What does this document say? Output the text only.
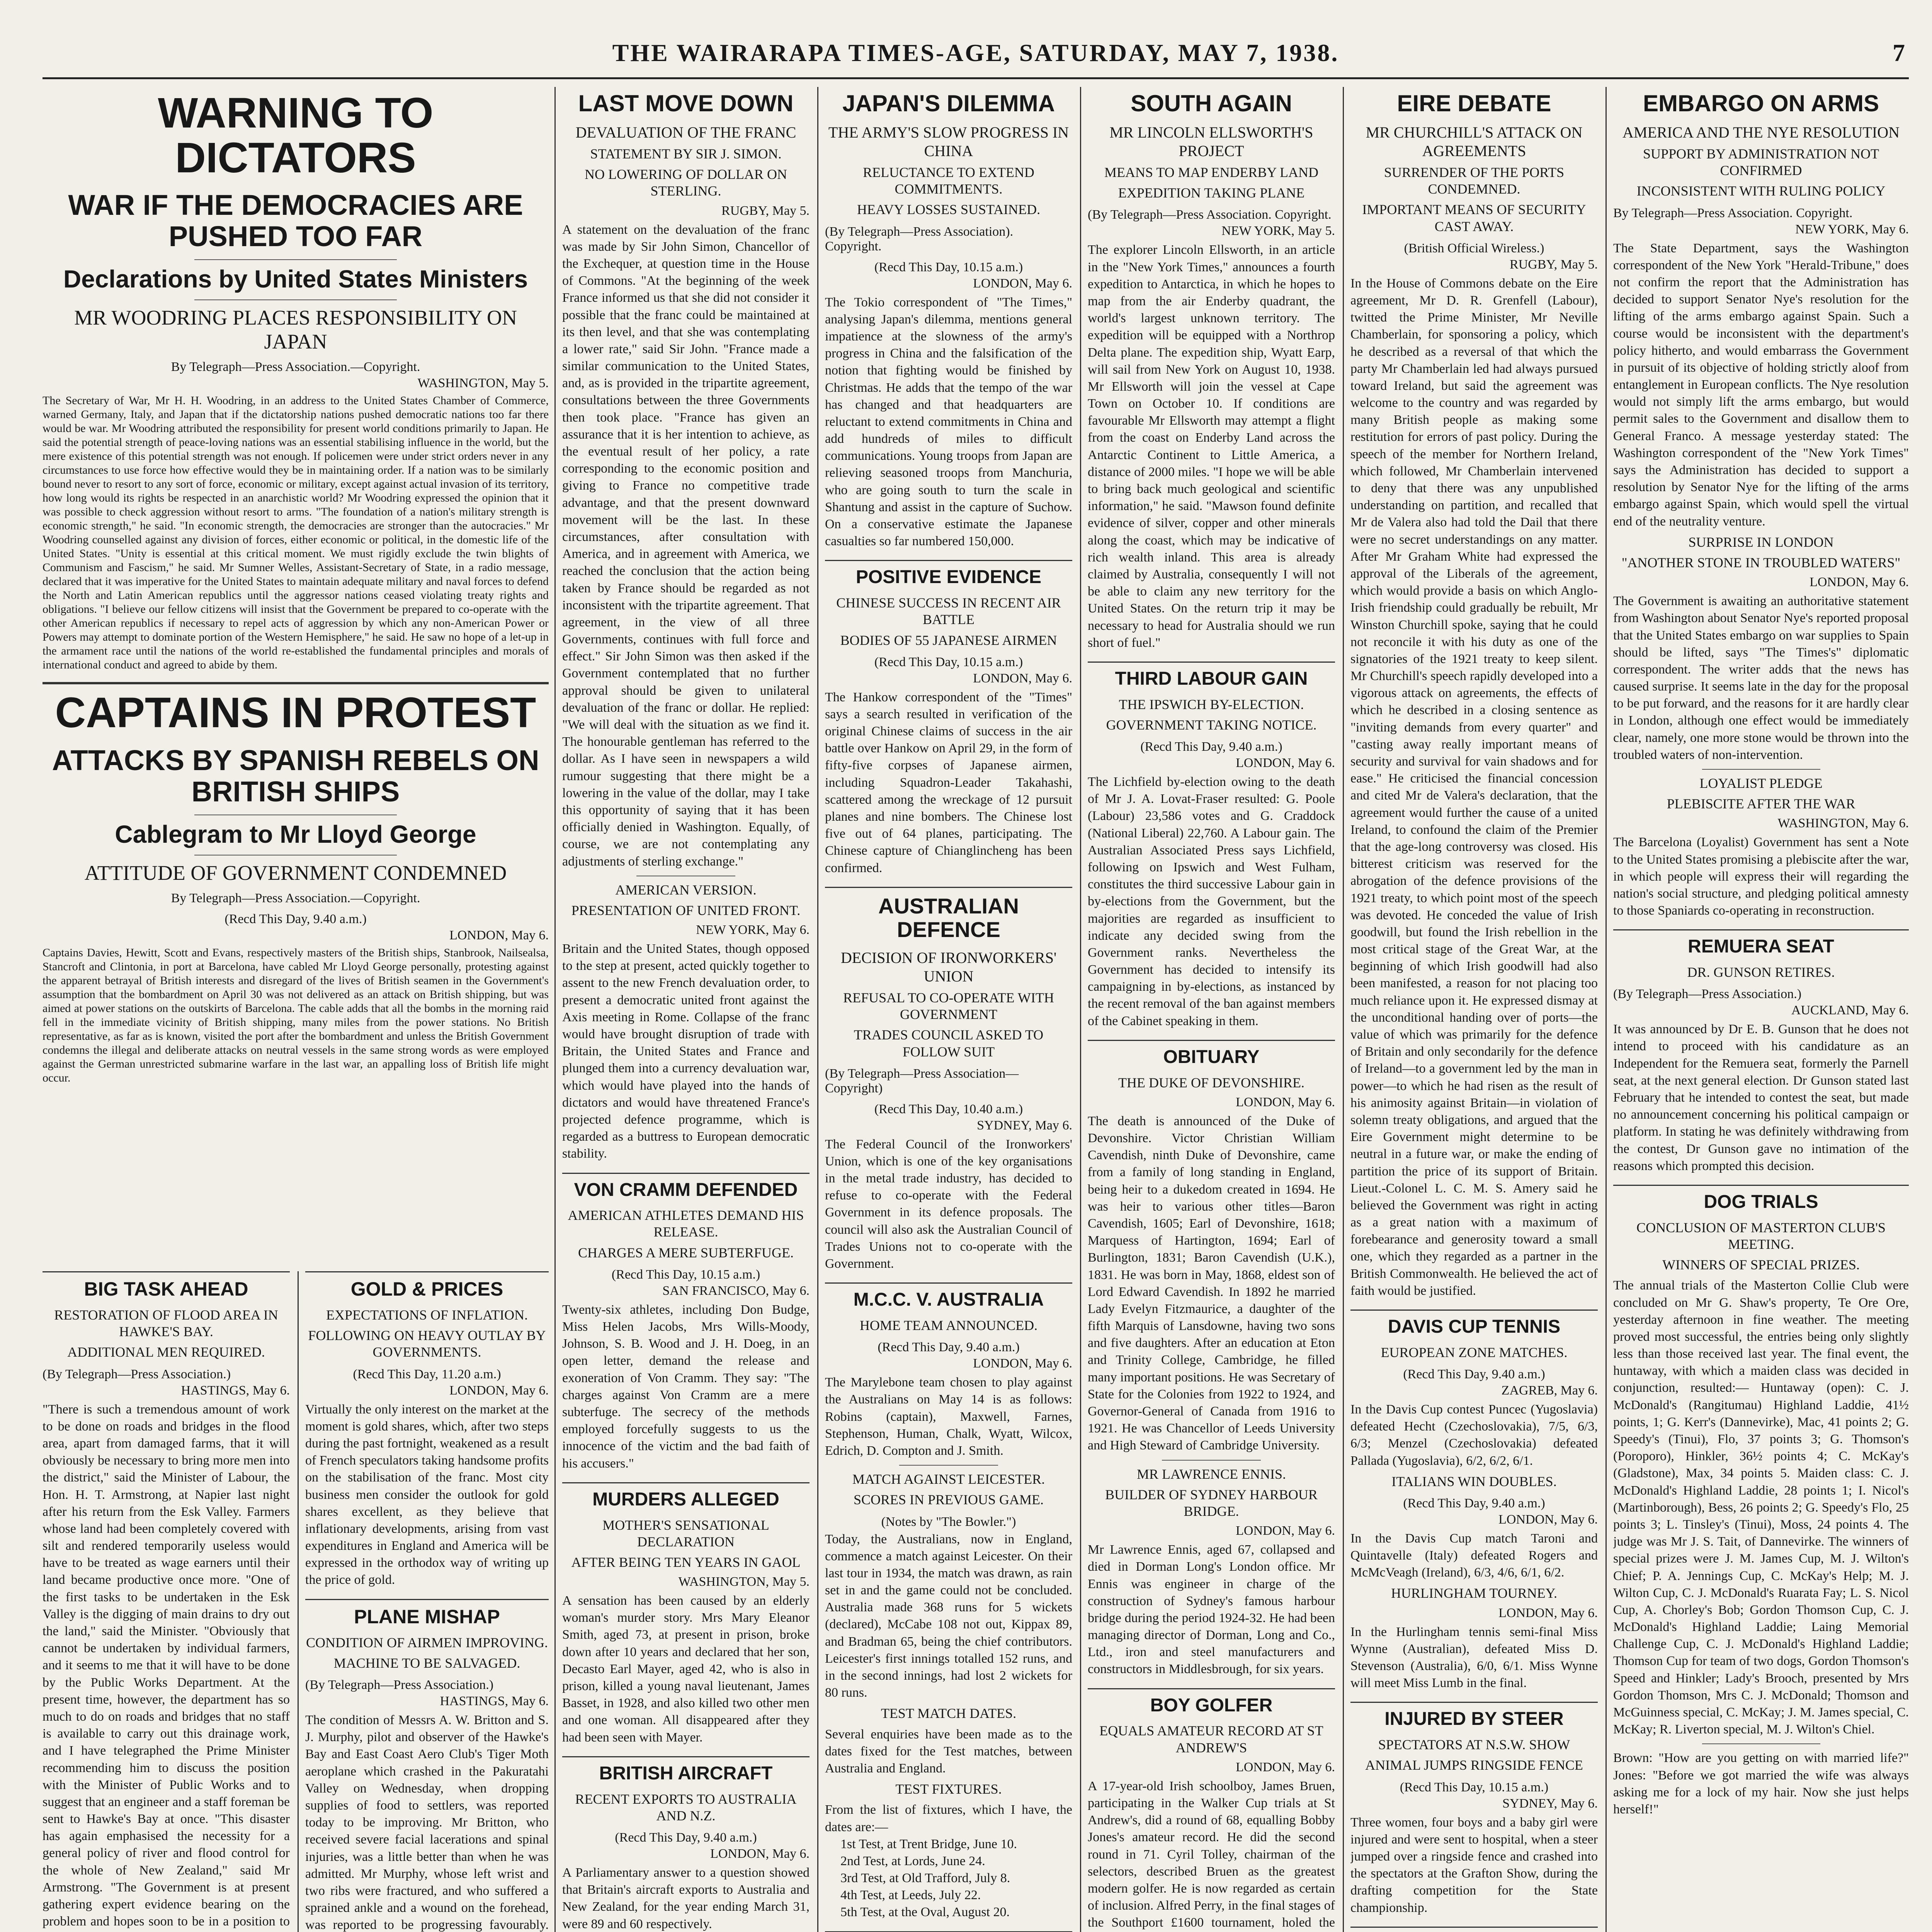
THE WAIRARAPA TIMES-AGE, SATURDAY, MAY 7, 1938.	7
WARNING TO DICTATORS
WAR IF THE DEMOCRACIES ARE PUSHED TOO FAR
Declarations by United States Ministers
MR WOODRING PLACES RESPONSIBILITY ON JAPAN
By Telegraph—Press Association.—Copyright.
WASHINGTON, May 5.

The Secretary of War, Mr H. H. Woodring, in an address to the United States Chamber of Commerce, warned Germany, Italy, and Japan that if the dictatorship nations pushed democratic nations too far there would be war. Mr Woodring attributed the responsibility for present world conditions primarily to Japan. He said the potential strength of peace-loving nations was an essential stabilising influence in the world, but the mere existence of this potential strength was not enough. If policemen were under strict orders never in any circumstances to use force how effective would they be in maintaining order. If a nation was to be similarly bound never to resort to any sort of force, economic or military, except against actual invasion of its territory, how long would its rights be respected in an anarchistic world? Mr Woodring expressed the opinion that it was possible to check aggression without resort to arms. "The foundation of a nation's military strength is economic strength," he said. "In economic strength, the democracies are stronger than the autocracies." Mr Woodring counselled against any division of forces, either economic or political, in the domestic life of the United States. "Unity is essential at this critical moment. We must rigidly exclude the twin blights of Communism and Fascism," he said. Mr Sumner Welles, Assistant-Secretary of State, in a radio message, declared that it was imperative for the United States to maintain adequate military and naval forces to defend the North and Latin American republics until the aggressor nations ceased violating treaty rights and obligations. "I believe our fellow citizens will insist that the Government be prepared to co-operate with the other American republics if necessary to repel acts of aggression by which any non-American Power or Powers may attempt to dominate portion of the Western Hemisphere," he said. He saw no hope of a let-up in the armament race until the nations of the world re-established the fundamental principles and morals of international conduct and agreed to abide by them.

CAPTAINS IN PROTEST
ATTACKS BY SPANISH REBELS ON BRITISH SHIPS
Cablegram to Mr Lloyd George
ATTITUDE OF GOVERNMENT CONDEMNED
By Telegraph—Press Association.—Copyright.
(Recd This Day, 9.40 a.m.)
LONDON, May 6.

Captains Davies, Hewitt, Scott and Evans, respectively masters of the British ships, Stanbrook, Nailsealsa, Stancroft and Clintonia, in port at Barcelona, have cabled Mr Lloyd George personally, protesting against the apparent betrayal of British interests and disregard of the lives of British seamen in the Government's assumption that the bombardment on April 30 was not delivered as an attack on British shipping, but was aimed at power stations on the outskirts of Barcelona. The cable adds that all the bombs in the morning raid fell in the immediate vicinity of British shipping, many miles from the power stations. No British representative, as far as is known, visited the port after the bombardment and unless the British Government condemns the illegal and deliberate attacks on neutral vessels in the same strong words as were employed against the German unrestricted submarine warfare in the last war, an appalling loss of British life might occur.

BIG TASK AHEAD
RESTORATION OF FLOOD AREA IN HAWKE'S BAY.
ADDITIONAL MEN REQUIRED.
(By Telegraph—Press Association.)
HASTINGS, May 6.

"There is such a tremendous amount of work to be done on roads and bridges in the flood area, apart from damaged farms, that it will obviously be necessary to bring more men into the district," said the Minister of Labour, the Hon. H. T. Armstrong, at Napier last night after his return from the Esk Valley. Farmers whose land had been completely covered with silt and rendered temporarily useless would have to be treated as wage earners until their land became productive once more. "One of the first tasks to be undertaken in the Esk Valley is the digging of main drains to dry out the land," said the Minister. "Obviously that cannot be undertaken by individual farmers, and it seems to me that it will have to be done by the Public Works Department. At the present time, however, the department has so much to do on roads and bridges that no staff is available to carry out this drainage work, and I have telegraphed the Prime Minister recommending him to discuss the position with the Minister of Public Works and to suggest that an engineer and a staff foreman be sent to Hawke's Bay at once. "This disaster has again emphasised the necessity for a general policy of river and flood control for the whole of New Zealand," said Mr Armstrong. "The Government is at present gathering expert evidence bearing on the problem and hopes soon to be in a position to

GOLD & PRICES
EXPECTATIONS OF INFLATION.
FOLLOWING ON HEAVY OUTLAY BY GOVERNMENTS.
(Recd This Day, 11.20 a.m.)
LONDON, May 6.

Virtually the only interest on the market at the moment is gold shares, which, after two steps during the past fortnight, weakened as a result of French speculators taking handsome profits on the stabilisation of the franc. Most city business men consider the outlook for gold shares excellent, as they believe that inflationary developments, arising from vast expenditures in England and America will be expressed in the orthodox way of writing up the price of gold.

PLANE MISHAP
CONDITION OF AIRMEN IMPROVING.
MACHINE TO BE SALVAGED.
(By Telegraph—Press Association.)
HASTINGS, May 6.

The condition of Messrs A. W. Britton and S. J. Murphy, pilot and observer of the Hawke's Bay and East Coast Aero Club's Tiger Moth aeroplane which crashed in the Pakuratahi Valley on Wednesday, when dropping supplies of food to settlers, was reported today to be improving. Mr Britton, who received severe facial lacerations and spinal injuries, was a little better than when he was admitted. Mr Murphy, whose left wrist and two ribs were fractured, and who suffered a sprained ankle and a wound on the forehead, was reported to be progressing favourably.

LAST MOVE DOWN
DEVALUATION OF THE FRANC
STATEMENT BY SIR J. SIMON.
NO LOWERING OF DOLLAR ON STERLING.
RUGBY, May 5.

A statement on the devaluation of the franc was made by Sir John Simon, Chancellor of the Exchequer, at question time in the House of Commons. "At the beginning of the week France informed us that she did not consider it possible that the franc could be maintained at its then level, and that she was contemplating a lower rate," said Sir John. "France made a similar communication to the United States, and, as is provided in the tripartite agreement, consultations between the three Governments then took place. "France has given an assurance that it is her intention to achieve, as the eventual result of her policy, a rate corresponding to the economic position and giving to France no competitive trade advantage, and that the present downward movement will be the last. In these circumstances, after consultation with America, and in agreement with America, we reached the conclusion that the action being taken by France should be regarded as not inconsistent with the tripartite agreement. That agreement, in the view of all three Governments, continues with full force and effect." Sir John Simon was then asked if the Government contemplated that no further approval should be given to unilateral devaluation of the franc or dollar. He replied: "We will deal with the situation as we find it. The honourable gentleman has referred to the dollar. As I have seen in newspapers a wild rumour suggesting that there might be a lowering in the value of the dollar, may I take this opportunity of saying that it has been officially denied in Washington. Equally, of course, we are not contemplating any adjustments of sterling exchange."

AMERICAN VERSION.
PRESENTATION OF UNITED FRONT.
NEW YORK, May 6.

Britain and the United States, though opposed to the step at present, acted quickly together to assent to the new French devaluation order, to present a democratic united front against the Axis meeting in Rome. Collapse of the franc would have brought disruption of trade with Britain, the United States and France and plunged them into a currency devaluation war, which would have played into the hands of dictators and would have threatened France's projected defence programme, which is regarded as a buttress to European democratic stability.

VON CRAMM DEFENDED
AMERICAN ATHLETES DEMAND HIS RELEASE.
CHARGES A MERE SUBTERFUGE.
(Recd This Day, 10.15 a.m.)
SAN FRANCISCO, May 6.

Twenty-six athletes, including Don Budge, Miss Helen Jacobs, Mrs Wills-Moody, Johnson, S. B. Wood and J. H. Doeg, in an open letter, demand the release and exoneration of Von Cramm. They say: "The charges against Von Cramm are a mere subterfuge. The secrecy of the methods employed forcefully suggests to us the innocence of the victim and the bad faith of his accusers."

MURDERS ALLEGED
MOTHER'S SENSATIONAL DECLARATION
AFTER BEING TEN YEARS IN GAOL
WASHINGTON, May 5.

A sensation has been caused by an elderly woman's murder story. Mrs Mary Eleanor Smith, aged 73, at present in prison, broke down after 10 years and declared that her son, Decasto Earl Mayer, aged 42, who is also in prison, killed a young naval lieutenant, James Basset, in 1928, and also killed two other men and one woman. All disappeared after they had been seen with Mayer.

BRITISH AIRCRAFT
RECENT EXPORTS TO AUSTRALIA AND N.Z.
(Recd This Day, 9.40 a.m.)
LONDON, May 6.

A Parliamentary answer to a question showed that Britain's aircraft exports to Australia and New Zealand, for the year ending March 31, were 89 and 60 respectively.

JAPAN'S DILEMMA
THE ARMY'S SLOW PROGRESS IN CHINA
RELUCTANCE TO EXTEND COMMITMENTS.
HEAVY LOSSES SUSTAINED.
(By Telegraph—Press Association). Copyright.
(Recd This Day, 10.15 a.m.)
LONDON, May 6.

The Tokio correspondent of "The Times," analysing Japan's dilemma, mentions general impatience at the slowness of the army's progress in China and the falsification of the notion that fighting would be finished by Christmas. He adds that the tempo of the war has changed and that headquarters are reluctant to extend commitments in China and add hundreds of miles to difficult communications. Young troops from Japan are relieving seasoned troops from Manchuria, who are going south to turn the scale in Shantung and assist in the capture of Suchow. On a conservative estimate the Japanese casualties so far numbered 150,000.

POSITIVE EVIDENCE
CHINESE SUCCESS IN RECENT AIR BATTLE
BODIES OF 55 JAPANESE AIRMEN
(Recd This Day, 10.15 a.m.)
LONDON, May 6.

The Hankow correspondent of the "Times" says a search resulted in verification of the original Chinese claims of success in the air battle over Hankow on April 29, in the form of fifty-five corpses of Japanese airmen, including Squadron-Leader Takahashi, scattered among the wreckage of 12 pursuit planes and nine bombers. The Chinese lost five out of 64 planes, participating. The Chinese capture of Chianglincheng has been confirmed.

AUSTRALIAN DEFENCE
DECISION OF IRONWORKERS' UNION
REFUSAL TO CO-OPERATE WITH GOVERNMENT
TRADES COUNCIL ASKED TO FOLLOW SUIT
(By Telegraph—Press Association—Copyright)
(Recd This Day, 10.40 a.m.)
SYDNEY, May 6.

The Federal Council of the Ironworkers' Union, which is one of the key organisations in the metal trade industry, has decided to refuse to co-operate with the Federal Government in its defence proposals. The council will also ask the Australian Council of Trades Unions not to co-operate with the Government.

M.C.C. V. AUSTRALIA
HOME TEAM ANNOUNCED.
(Recd This Day, 9.40 a.m.)
LONDON, May 6.

The Marylebone team chosen to play against the Australians on May 14 is as follows: Robins (captain), Maxwell, Farnes, Stephenson, Human, Chalk, Wyatt, Wilcox, Edrich, D. Compton and J. Smith.

MATCH AGAINST LEICESTER.
SCORES IN PREVIOUS GAME.
(Notes by "The Bowler.")

Today, the Australians, now in England, commence a match against Leicester. On their last tour in 1934, the match was drawn, as rain set in and the game could not be concluded. Australia made 368 runs for 5 wickets (declared), McCabe 108 not out, Kippax 89, and Bradman 65, being the chief contributors. Leicester's first innings totalled 152 runs, and in the second innings, had lost 2 wickets for 80 runs.

TEST MATCH DATES.

Several enquiries have been made as to the dates fixed for the Test matches, between Australia and England.

TEST FIXTURES.

From the list of fixtures, which I have, the dates are:—

1st Test, at Trent Bridge, June 10.
2nd Test, at Lords, June 24.
3rd Test, at Old Trafford, July 8.
4th Test, at Leeds, July 22.
5th Test, at the Oval, August 20.

SOUTH AGAIN
MR LINCOLN ELLSWORTH'S PROJECT
MEANS TO MAP ENDERBY LAND
EXPEDITION TAKING PLANE
(By Telegraph—Press Association. Copyright.
NEW YORK, May 5.

The explorer Lincoln Ellsworth, in an article in the "New York Times," announces a fourth expedition to Antarctica, in which he hopes to map from the air Enderby quadrant, the world's largest unknown territory. The expedition will be equipped with a Northrop Delta plane. The expedition ship, Wyatt Earp, will sail from New York on August 10, 1938. Mr Ellsworth will join the vessel at Cape Town on October 10. If conditions are favourable Mr Ellsworth may attempt a flight from the coast on Enderby Land across the Antarctic Continent to Little America, a distance of 2000 miles. "I hope we will be able to bring back much geological and scientific information," he said. "Mawson found definite evidence of silver, copper and other minerals along the coast, which may be indicative of rich wealth inland. This area is already claimed by Australia, consequently I will not be able to claim any new territory for the United States. On the return trip it may be necessary to head for Australia should we run short of fuel."

THIRD LABOUR GAIN
THE IPSWICH BY-ELECTION.
GOVERNMENT TAKING NOTICE.
(Recd This Day, 9.40 a.m.)
LONDON, May 6.

The Lichfield by-election owing to the death of Mr J. A. Lovat-Fraser resulted: G. Poole (Labour) 23,586 votes and G. Craddock (National Liberal) 22,760. A Labour gain. The Australian Associated Press says Lichfield, following on Ipswich and West Fulham, constitutes the third successive Labour gain in by-elections from the Government, but the majorities are regarded as insufficient to indicate any decided swing from the Government ranks. Nevertheless the Government has decided to intensify its campaigning in by-elections, as instanced by the recent removal of the ban against members of the Cabinet speaking in them.

OBITUARY
THE DUKE OF DEVONSHIRE.
LONDON, May 6.

The death is announced of the Duke of Devonshire. Victor Christian William Cavendish, ninth Duke of Devonshire, came from a family of long standing in England, being heir to a dukedom created in 1694. He was heir to various other titles—Baron Cavendish, 1605; Earl of Devonshire, 1618; Marquess of Hartington, 1694; Earl of Burlington, 1831; Baron Cavendish (U.K.), 1831. He was born in May, 1868, eldest son of Lord Edward Cavendish. In 1892 he married Lady Evelyn Fitzmaurice, a daughter of the fifth Marquis of Lansdowne, having two sons and five daughters. After an education at Eton and Trinity College, Cambridge, he filled many important positions. He was Secretary of State for the Colonies from 1922 to 1924, and Governor-General of Canada from 1916 to 1921. He was Chancellor of Leeds University and High Steward of Cambridge University.

MR LAWRENCE ENNIS.
BUILDER OF SYDNEY HARBOUR BRIDGE.
LONDON, May 6.

Mr Lawrence Ennis, aged 67, collapsed and died in Dorman Long's London office. Mr Ennis was engineer in charge of the construction of Sydney's famous harbour bridge during the period 1924-32. He had been managing director of Dorman, Long and Co., Ltd., iron and steel manufacturers and constructors in Middlesbrough, for six years.

BOY GOLFER
EQUALS AMATEUR RECORD AT ST ANDREW'S
LONDON, May 6.

A 17-year-old Irish schoolboy, James Bruen, participating in the Walker Cup trials at St Andrew's, did a round of 68, equalling Bobby Jones's amateur record. He did the second round in 71. Cyril Tolley, chairman of the selectors, described Bruen as the greatest modern golfer. He is now regarded as certain of inclusion. Alfred Perry, in the final stages of the Southport £1600 tournament, holed the

EIRE DEBATE
MR CHURCHILL'S ATTACK ON AGREEMENTS
SURRENDER OF THE PORTS CONDEMNED.
IMPORTANT MEANS OF SECURITY CAST AWAY.
(British Official Wireless.)
RUGBY, May 5.

In the House of Commons debate on the Eire agreement, Mr D. R. Grenfell (Labour), twitted the Prime Minister, Mr Neville Chamberlain, for sponsoring a policy, which he described as a reversal of that which the party Mr Chamberlain led had always pursued toward Ireland, but said the agreement was welcome to the country and was regarded by many British people as making some restitution for errors of past policy. During the speech of the member for Northern Ireland, which followed, Mr Chamberlain intervened to deny that there was any unpublished understanding on partition, and recalled that Mr de Valera also had told the Dail that there were no secret understandings on any matter. After Mr Graham White had expressed the approval of the Liberals of the agreement, which would provide a basis on which Anglo-Irish friendship could gradually be rebuilt, Mr Winston Churchill spoke, saying that he could not reconcile it with his duty as one of the signatories of the 1921 treaty to keep silent. Mr Churchill's speech rapidly developed into a vigorous attack on agreements, the effects of which he described in a closing sentence as "inviting demands from every quarter" and "casting away really important means of security and survival for vain shadows and for ease." He criticised the financial concession and cited Mr de Valera's declaration, that the agreement would further the cause of a united Ireland, to confound the claim of the Premier that the age-long controversy was closed. His bitterest criticism was reserved for the abrogation of the defence provisions of the 1921 treaty, to which point most of the speech was devoted. He conceded the value of Irish goodwill, but found the Irish rebellion in the most critical stage of the Great War, at the beginning of which Irish goodwill had also been manifested, a reason for not placing too much reliance upon it. He expressed dismay at the unconditional handing over of ports—the value of which was primarily for the defence of Britain and only secondarily for the defence of Ireland—to a government led by the man in power—to which he had risen as the result of his animosity against Britain—in violation of solemn treaty obligations, and argued that the Eire Government might determine to be neutral in a future war, or make the ending of partition the price of its support of Britain. Lieut.-Colonel L. C. M. S. Amery said he believed the Government was right in acting as a great nation with a maximum of forebearance and generosity toward a small one, which they regarded as a partner in the British Commonwealth. He believed the act of faith would be justified.

DAVIS CUP TENNIS
EUROPEAN ZONE MATCHES.
(Recd This Day, 9.40 a.m.)
ZAGREB, May 6.

In the Davis Cup contest Puncec (Yugoslavia) defeated Hecht (Czechoslovakia), 7/5, 6/3, 6/3; Menzel (Czechoslovakia) defeated Pallada (Yugoslavia), 6/2, 6/2, 6/1.

ITALIANS WIN DOUBLES.
(Recd This Day, 9.40 a.m.)
LONDON, May 6.

In the Davis Cup match Taroni and Quintavelle (Italy) defeated Rogers and McMcVeagh (Ireland), 6/3, 4/6, 6/1, 6/2.

HURLINGHAM TOURNEY.
LONDON, May 6.

In the Hurlingham tennis semi-final Miss Wynne (Australian), defeated Miss D. Stevenson (Australia), 6/0, 6/1. Miss Wynne will meet Miss Lumb in the final.

INJURED BY STEER
SPECTATORS AT N.S.W. SHOW
ANIMAL JUMPS RINGSIDE FENCE
(Recd This Day, 10.15 a.m.)
SYDNEY, May 6.

Three women, four boys and a baby girl were injured and were sent to hospital, when a steer jumped over a ringside fence and crashed into the spectators at the Grafton Show, during the drafting competition for the State championship.

EMBARGO ON ARMS
AMERICA AND THE NYE RESOLUTION
SUPPORT BY ADMINISTRATION NOT CONFIRMED
INCONSISTENT WITH RULING POLICY
By Telegraph—Press Association. Copyright.
NEW YORK, May 6.

The State Department, says the Washington correspondent of the New York "Herald-Tribune," does not confirm the report that the Administration has decided to support Senator Nye's resolution for the lifting of the arms embargo against Spain. Such a course would be inconsistent with the department's policy hitherto, and would embarrass the Government in pursuit of its objective of holding strictly aloof from entanglement in European conflicts. The Nye resolution would not simply lift the arms embargo, but would permit sales to the Government and disallow them to General Franco. A message yesterday stated: The Washington correspondent of the "New York Times" says the Administration has decided to support a resolution by Senator Nye for the lifting of the arms embargo against Spain, which would spell the virtual end of the neutrality venture.

SURPRISE IN LONDON
"ANOTHER STONE IN TROUBLED WATERS"
LONDON, May 6.

The Government is awaiting an authoritative statement from Washington about Senator Nye's reported proposal that the United States embargo on war supplies to Spain should be lifted, says "The Times's" diplomatic correspondent. The writer adds that the news has caused surprise. It seems late in the day for the proposal to be put forward, and the reasons for it are hardly clear in London, although one effect would be immediately clear, namely, one more stone would be thrown into the troubled waters of non-intervention.

LOYALIST PLEDGE
PLEBISCITE AFTER THE WAR
WASHINGTON, May 6.

The Barcelona (Loyalist) Government has sent a Note to the United States promising a plebiscite after the war, in which people will express their will regarding the nation's social structure, and pledging political amnesty to those Spaniards co-operating in reconstruction.

REMUERA SEAT
DR. GUNSON RETIRES.
(By Telegraph—Press Association.)
AUCKLAND, May 6.

It was announced by Dr E. B. Gunson that he does not intend to proceed with his candidature as an Independent for the Remuera seat, formerly the Parnell seat, at the next general election. Dr Gunson stated last February that he intended to contest the seat, but made no announcement concerning his political campaign or platform. In stating he was definitely withdrawing from the contest, Dr Gunson gave no intimation of the reasons which prompted this decision.

DOG TRIALS
CONCLUSION OF MASTERTON CLUB'S MEETING.
WINNERS OF SPECIAL PRIZES.

The annual trials of the Masterton Collie Club were concluded on Mr G. Shaw's property, Te Ore Ore, yesterday afternoon in fine weather. The meeting proved most successful, the entries being only slightly less than those received last year. The final event, the huntaway, with which a maiden class was decided in conjunction, resulted:— Huntaway (open): C. J. McDonald's (Rangitumau) Highland Laddie, 41½ points, 1; G. Kerr's (Dannevirke), Mac, 41 points 2; G. Speedy's (Tinui), Flo, 37 points 3; G. Thomson's (Poroporo), Hinkler, 36½ points 4; C. McKay's (Gladstone), Max, 34 points 5. Maiden class: C. J. McDonald's Highland Laddie, 28 points 1; I. Nicol's (Martinborough), Bess, 26 points 2; G. Speedy's Flo, 25 points 3; L. Tinsley's (Tinui), Moss, 24 points 4. The judge was Mr J. S. Tait, of Dannevirke. The winners of special prizes were J. M. James Cup, M. J. Wilton's Chief; P. A. Jennings Cup, C. McKay's Help; M. J. Wilton Cup, C. J. McDonald's Ruarata Fay; L. S. Nicol Cup, A. Chorley's Bob; Gordon Thomson Cup, C. J. McDonald's Highland Laddie; Laing Memorial Challenge Cup, C. J. McDonald's Highland Laddie; Thomson Cup for team of two dogs, Gordon Thomson's Speed and Hinkler; Lady's Brooch, presented by Mrs Gordon Thomson, Mrs C. J. McDonald; Thomson and McGuinness special, C. McKay; J. M. James special, C. McKay; R. Liverton special, M. J. Wilton's Chiel.

Brown: "How are you getting on with married life?" Jones: "Before we got married the wife was always asking me for a lock of my hair. Now she just helps herself!"
